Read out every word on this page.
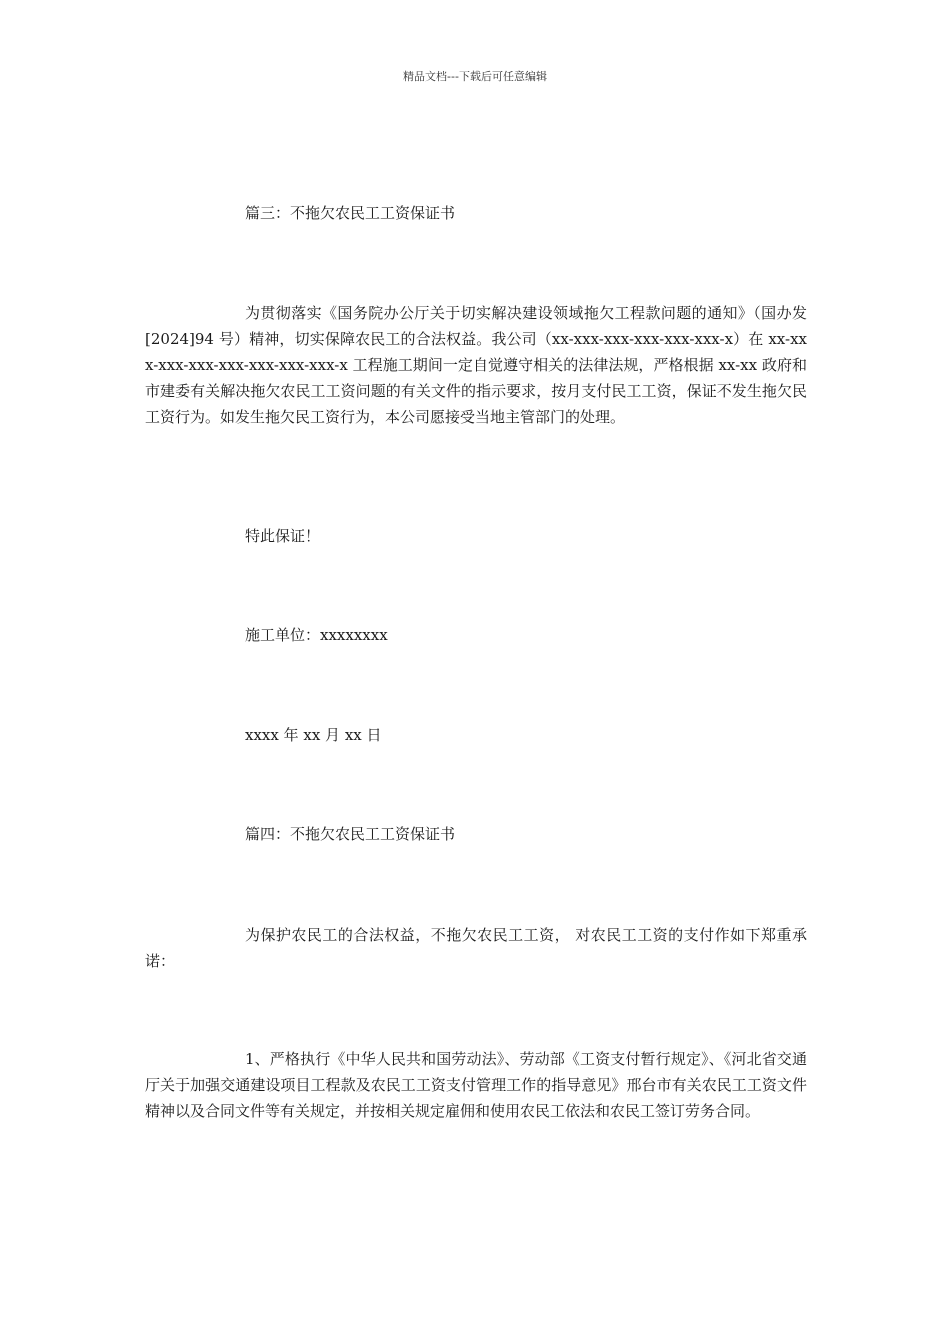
精品文档---下载后可任意编辑
篇三：不拖欠农民工工资保证书
为贯彻落实《国务院办公厅关于切实解决建设领域拖欠工程款问题的通知》（国办发[2024]94 号）精神，切实保障农民工的合法权益。我公司（xx-xxx-xxx-xxx-xxx-xxx-x）在 xx-xxx-xxx-xxx-xxx-xxx-xxx-xxx-x 工程施工期间一定自觉遵守相关的法律法规，严格根据 xx-xx 政府和市建委有关解决拖欠农民工工资问题的有关文件的指示要求，按月支付民工工资，保证不发生拖欠民工资行为。如发生拖欠民工资行为，本公司愿接受当地主管部门的处理。
特此保证！
施工单位：xxxxxxxx
xxxx 年 xx 月 xx 日
篇四：不拖欠农民工工资保证书
为保护农民工的合法权益，不拖欠农民工工资， 对农民工工资的支付作如下郑重承诺：
1、严格执行《中华人民共和国劳动法》、劳动部《工资支付暂行规定》、《河北省交通厅关于加强交通建设项目工程款及农民工工资支付管理工作的指导意见》邢台市有关农民工工资文件精神以及合同文件等有关规定，并按相关规定雇佣和使用农民工依法和农民工签订劳务合同。
